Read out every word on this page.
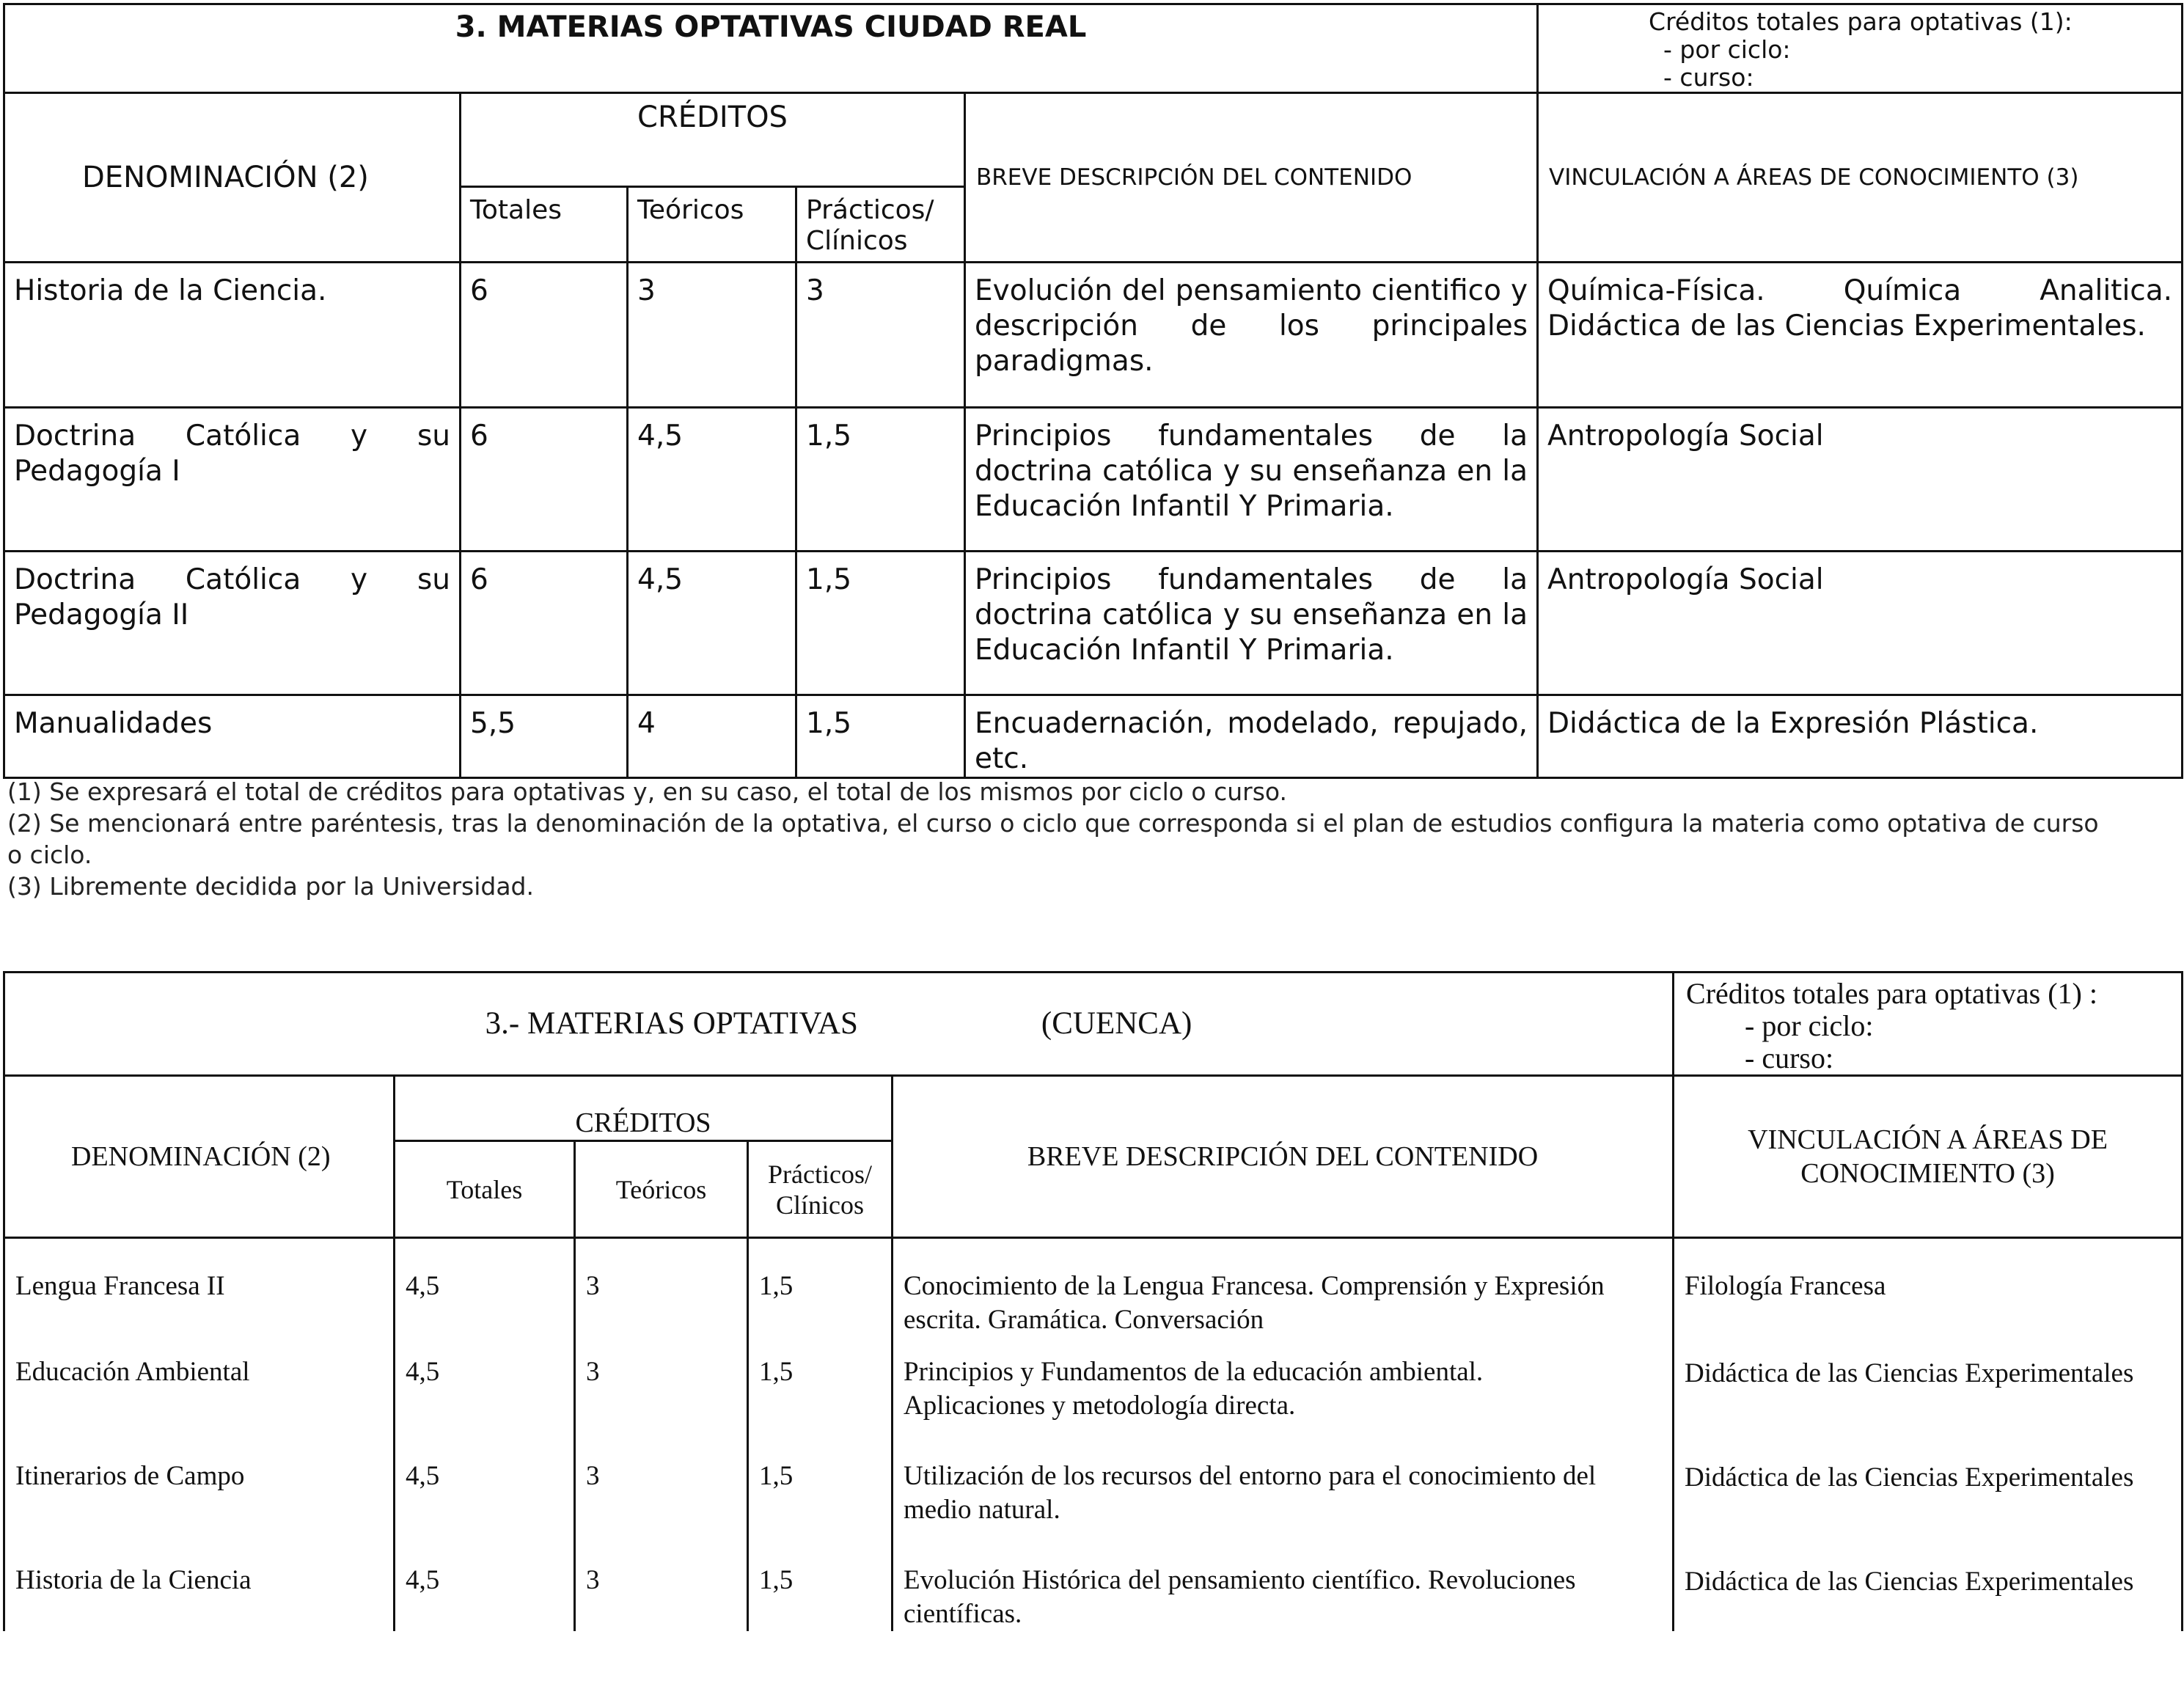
3. MATERIAS OPTATIVAS CIUDAD REAL					Créditos totales para optativas (1):
- por ciclo:
- curso:

DENOMINACIÓN (2)	CRÉDITOS			BREVE DESCRIPCIÓN DEL CONTENIDO	VINCULACIÓN A ÁREAS DE CONOCIMIENTO (3)
	Totales	Teóricos	Prácticos/
Clínicos		

Historia de la Ciencia.	6	3	3	Evolución del pensamiento cientifico y descripción de los principales paradigmas.	Química-Física. Química Analitica. Didáctica de las Ciencias Experimentales.
Doctrina Católica y su Pedagogía I	6	4,5	1,5	Principios fundamentales de la doctrina católica y su enseñanza en la Educación Infantil Y Primaria.	Antropología Social
Doctrina Católica y su Pedagogía II	6	4,5	1,5	Principios fundamentales de la doctrina católica y su enseñanza en la Educación Infantil Y Primaria.	Antropología Social
Manualidades	5,5	4	1,5	Encuadernación, modelado, repujado, etc.	Didáctica de la Expresión Plástica.

(1) Se expresará el total de créditos para optativas y, en su caso, el total de los mismos por ciclo o curso.

(2) Se mencionará entre paréntesis, tras la denominación de la optativa, el curso o ciclo que corresponda si el plan de estudios configura la materia como optativa de curso o ciclo.

(3) Libremente decidida por la Universidad.

3.- MATERIAS OPTATIVAS (CUENCA)					Créditos totales para optativas (1) :
- por ciclo:
- curso:

DENOMINACIÓN (2)	CRÉDITOS			BREVE DESCRIPCIÓN DEL CONTENIDO	VINCULACIÓN A ÁREAS DE
CONOCIMIENTO (3)

	Totales	Teóricos	Prácticos/
Clínicos		

Lengua Francesa II	4,5	3	1,5	Conocimiento de la Lengua Francesa. Comprensión y Expresión
escrita. Gramática. Conversación	Filología Francesa
Educación Ambiental	4,5	3	1,5	Principios y Fundamentos de la educación ambiental.
Aplicaciones y metodología directa.	Didáctica de las Ciencias Experimentales
Itinerarios de Campo	4,5	3	1,5	Utilización de los recursos del entorno para el conocimiento del
medio natural.	Didáctica de las Ciencias Experimentales
Historia de la Ciencia	4,5	3	1,5	Evolución Histórica del pensamiento científico. Revoluciones
científicas.	Didáctica de las Ciencias Experimentales
